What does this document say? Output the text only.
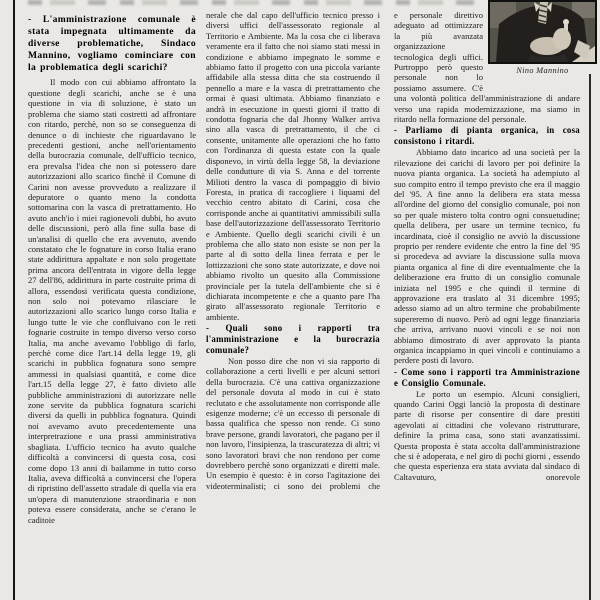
- L'amministrazione comunale è stata impegnata ultimamente da diverse problematiche, Sindaco Mannino, vogliamo cominciare con la problematica degli scarichi?

Il modo con cui abbiamo affrontato la questione degli scarichi, anche se è una questione in via di soluzione, è stato un problema che siamo stati costretti ad affrontare con ritardo, perchè, non so se conseguenza di denunce o di inchieste che riguardavano le precedenti gestioni, anche nell'orientamento della burocrazia comunale, dell'ufficio tecnico, era prevalsa l'idea che non si potessero dare autorizzazioni allo scarico finchè il Comune di Carini non avesse provveduto a realizzare il depuratore o quanto meno la condotta sottomarina con la vasca di pretrattamento. Ho avuto anch'io i miei ragionevoli dubbi, ho avuto delle discussioni, però alla fine sulla base di un'analisi di quello che era avvenuto, avendo constatato che le fognature in corso Italia erano state addirittura appaltate e non solo progettate prima ancora dell'entrata in vigore della legge 27 dell'86, addirittura in parte costruite prima di allora, essendosi verificata questa condizione, non solo noi potevamo rilasciare le autorizzazioni allo scarico lungo corso Italia e lungo tutte le vie che confluivano con le reti fognarie costruite in tempo diverso verso corso Italia, ma anche avevamo l'obbligo di farlo, perchè come dice l'art.14 della legge 19, gli scarichi in pubblica fognatura sono sempre ammessi in qualsiasi quantità, e come dice l'art.15 della legge 27, è fatto divieto alle pubbliche amministrazioni di autorizzare nelle zone servite da pubblica fognatura scarichi diversi da quelli in pubblica fognatura. Quindi noi avevamo avuto precedentemente una interpretrazione e una prassi amministrativa sbagliata. L'ufficio tecnico ha avuto qualche difficoltà a convincersi di questa cosa, così come dopo 13 anni di bailamme in tutto corso Italia, aveva difficoltà a convincersi che l'opera di ripristino dell'assetto stradale di quella via era un'opera di manutenzione straordinaria e non poteva essere considerata, anche se c'erano le caditoie

nerale che dal capo dell'ufficio tecnico presso i diversi uffici dell'assessorato regionale al Territorio e Ambiente. Ma la cosa che ci liberava veramente era il fatto che noi siamo stati messi in condizione e abbiamo impegnato le somme e abbiamo fatto il progetto con una piccola variante affidabile alla stessa ditta che sta costruendo il pennello a mare e la vasca di pretrattamento che ormai è quasi ultimata. Abbiamo finanziato e andrà in esecuzione in questi giorni il tratto di condotta fognaria che dal Jhonny Walker arriva sino alla vasca di pretrattamento, il che ci consente, unitamente alle operazioni che ho fatto con l'ordinanza di questa estate con la quale disponevo, in virtù della legge 58, la deviazione delle condutture di via S. Anna e del torrente Milioti dentro la vasca di pompaggio di bivio Foresta, in pratica di raccogliere i liquami del vecchio centro abitato di Carini, cosa che corrisponde anche ai quantitativi ammissibili sulla base dell'autorizzazione dell'assessorato Territorio e Ambiente. Quello degli scarichi civili è un problema che allo stato non esiste se non per la parte al di sotto della linea ferrata e per le lottizzazioni che sono state autorizzate, e dove noi abbiamo rivolto un quesito alla Commissione provinciale per la tutela dell'ambiente che si è dichiarata incompetente e che a quanto pare l'ha girato all'assessorato regionale Territorio e ambiente.

- Quali sono i rapporti tra l'amministrazione e la burocrazia comunale?

Non posso dire che non vi sia rapporto di collaborazione a certi livelli e per alcuni settori della burocrazia. C'è una cattiva organizzazione del personale dovuta al modo in cui è stato reclutato e che assolutamente non corrisponde alle esigenze moderne; c'è un eccesso di personale di bassa qualifica che spesso non rende. Ci sono brave persone, grandi lavoratori, che pagano per il non lavoro, l'insipienza, la trascuratezza di altri; vi sono lavoratori bravi che non rendono per come dovrebbero perchè sono organizzati e diretti male. Un esempio è questo: è in corso l'agitazione dei videoterminalisti; ci sono dei problemi che

e personale direttivo adeguato ad ottimizzare la più avanzata organizzazione tecnologica degli uffici. Purtroppo però questo personale non lo possiamo assumere. C'è una volontà politica dell'amministrazione di andare verso una rapida modernizzazione, ma siamo in ritardo nella formazione del personale.

- Parliamo di pianta organica, in cosa consistono i ritardi.

Abbiamo dato incarico ad una società per la rilevazione dei carichi di lavoro per poi definire la nuova pianta organica. La società ha adempiuto al suo compito entro il tempo previsto che era il maggio del '95. A fine anno la delibera era stata messa all'ordine del giorno del consiglio comunale, poi non so per quale mistero tolta contro ogni consuetudine; quella delibera, per usare un termine tecnico, fu incardinata, cioè il consiglio ne avviò la discussione proprio per rendere evidente che entro la fine del '95 si procedeva ad avviare la discussione sulla nuova pianta organica al fine di dire eventualmente che la deliberazione era frutto di un consiglio comunale iniziata nel 1995 e che quindi il termine di approvazione era traslato al 31 dicembre 1995; adesso siamo ad un altro termine che probabilmente supereremo di nuovo. Però ad ogni legge finanziaria che arriva, arrivano nuovi vincoli e se noi non abbiamo dimostrato di aver approvato la pianta organica incappiamo in quei vincoli e continuiamo a perdere posti di lavoro.

- Come sono i rapporti tra Amministrazione e Consiglio Comunale.

Le porto un esempio. Alcuni consiglieri, quando Carini Oggi lanciò la proposta di destinare parte di risorse per consentire di dare prestiti agevolati ai cittadini che volevano ristrutturare, definire la prima casa, sono stati avanzatissimi. Questa proposta è stata accolta dall'amministrazione che si è adoperata, e nel giro di pochi giorni , essendo che questa esperienza era stata avviata dal sindaco di Caltavuturo, onorevole

Nino Mannino
